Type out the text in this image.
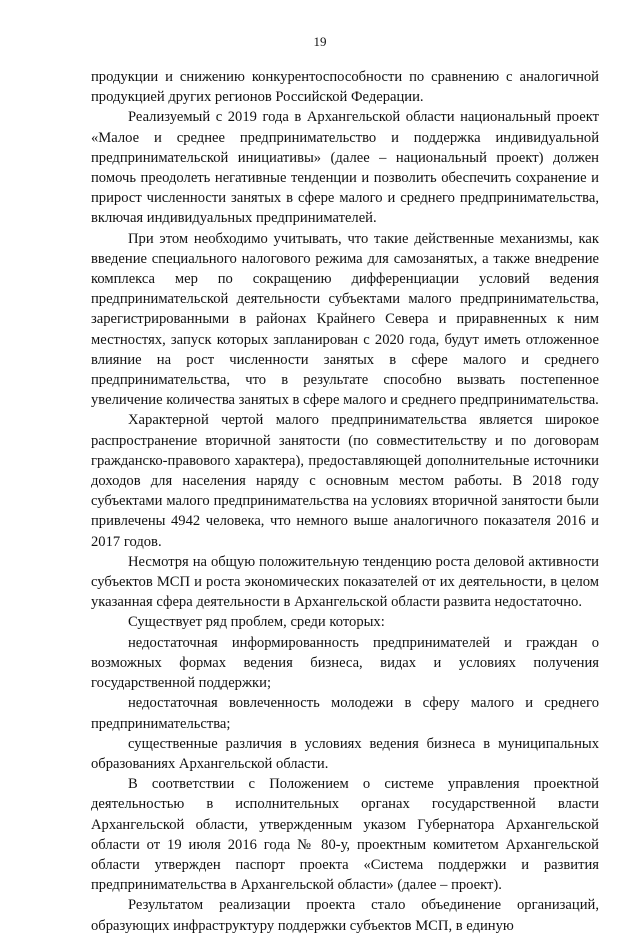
19

продукции и снижению конкурентоспособности по сравнению с аналогичной продукцией других регионов Российской Федерации.

Реализуемый с 2019 года в Архангельской области национальный проект «Малое и среднее предпринимательство и поддержка индивидуальной предпринимательской инициативы» (далее – национальный проект) должен помочь преодолеть негативные тенденции и позволить обеспечить сохранение и прирост численности занятых в сфере малого и среднего предпринимательства, включая индивидуальных предпринимателей.

При этом необходимо учитывать, что такие действенные механизмы, как введение специального налогового режима для самозанятых, а также внедрение комплекса мер по сокращению дифференциации условий ведения предпринимательской деятельности субъектами малого предпринимательства, зарегистрированными в районах Крайнего Севера и приравненных к ним местностях, запуск которых запланирован с 2020 года, будут иметь отложенное влияние на рост численности занятых в сфере малого и среднего предпринимательства, что в результате способно вызвать постепенное увеличение количества занятых в сфере малого и среднего предпринимательства.

Характерной чертой малого предпринимательства является широкое распространение вторичной занятости (по совместительству и по договорам гражданско-правового характера), предоставляющей дополнительные источники доходов для населения наряду с основным местом работы. В 2018 году субъектами малого предпринимательства на условиях вторичной занятости были привлечены 4942 человека, что немного выше аналогичного показателя 2016 и 2017 годов.

Несмотря на общую положительную тенденцию роста деловой активности субъектов МСП и роста экономических показателей от их деятельности, в целом указанная сфера деятельности в Архангельской области развита недостаточно.

Существует ряд проблем, среди которых:

недостаточная информированность предпринимателей и граждан о возможных формах ведения бизнеса, видах и условиях получения государственной поддержки;

недостаточная вовлеченность молодежи в сферу малого и среднего предпринимательства;

существенные различия в условиях ведения бизнеса в муниципальных образованиях Архангельской области.

В соответствии с Положением о системе управления проектной деятельностью в исполнительных органах государственной власти Архангельской области, утвержденным указом Губернатора Архангельской области от 19 июля 2016 года № 80-у, проектным комитетом Архангельской области утвержден паспорт проекта «Система поддержки и развития предпринимательства в Архангельской области» (далее – проект).

Результатом реализации проекта стало объединение организаций, образующих инфраструктуру поддержки субъектов МСП, в единую
